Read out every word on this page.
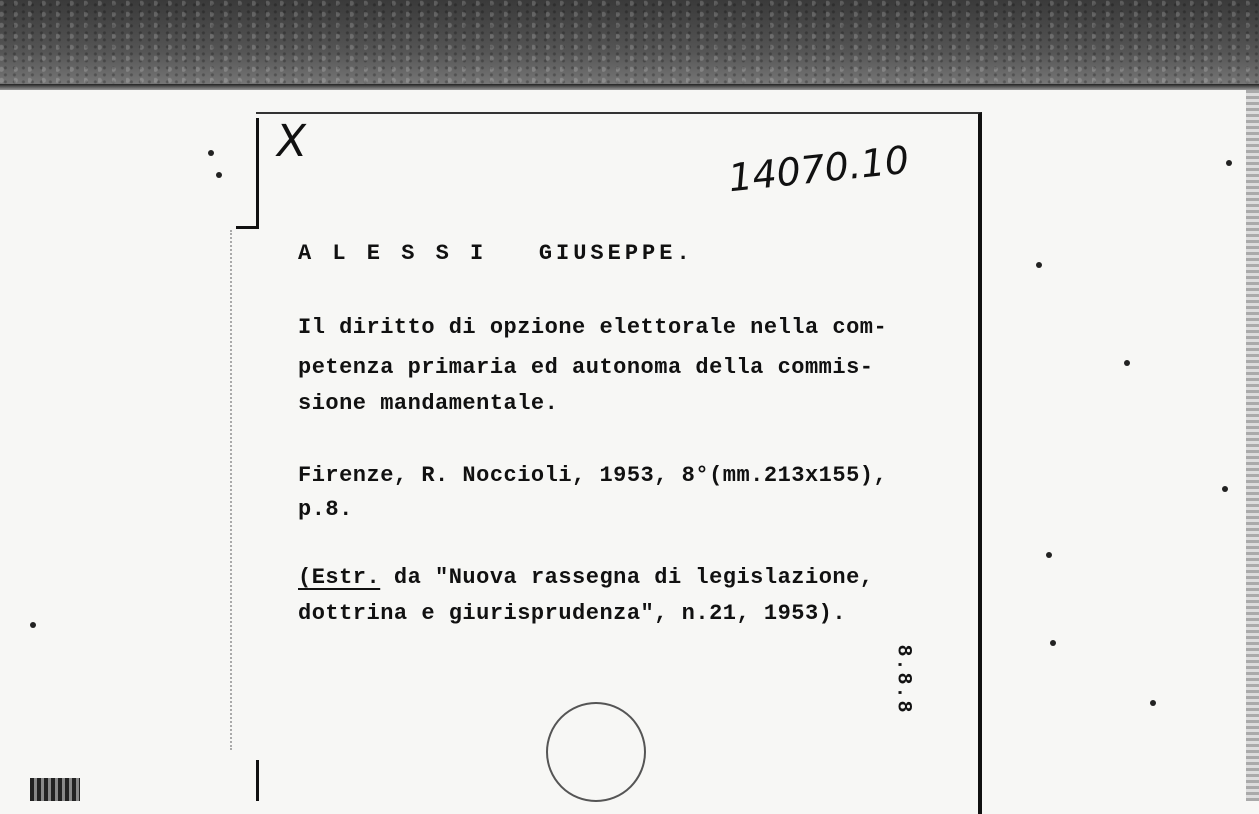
X	14070.10
A L E S S I   GIUSEPPE.
Il diritto di opzione elettorale nella com-
petenza primaria ed autonoma della commis-
sione mandamentale.
Firenze, R. Noccioli, 1953, 8°(mm.213x155),
p.8.
(Estr. da "Nuova rassegna di legislazione,
dottrina e giurisprudenza", n.21, 1953).
8.8.8
